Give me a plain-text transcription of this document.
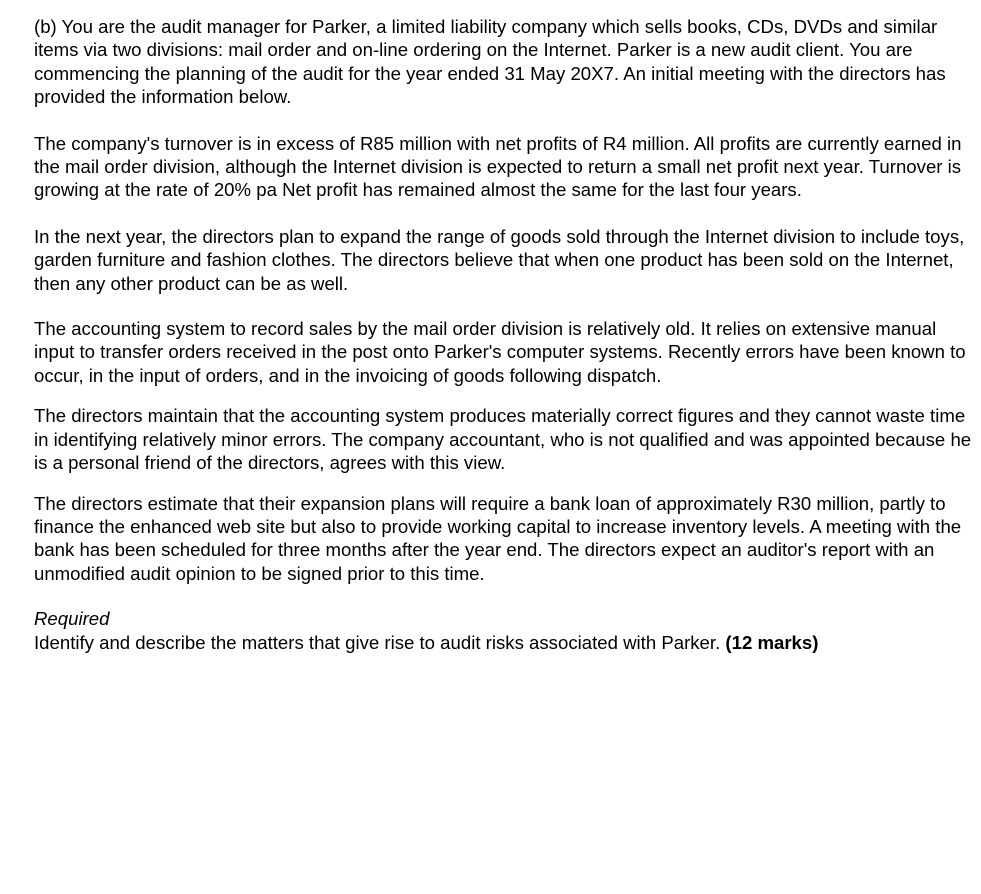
(b) You are the audit manager for Parker, a limited liability company which sells books, CDs, DVDs and similar items via two divisions: mail order and on-line ordering on the Internet. Parker is a new audit client. You are commencing the planning of the audit for the year ended 31 May 20X7. An initial meeting with the directors has provided the information below.

The company's turnover is in excess of R85 million with net profits of R4 million. All profits are currently earned in the mail order division, although the Internet division is expected to return a small net profit next year. Turnover is growing at the rate of 20% pa Net profit has remained almost the same for the last four years.

In the next year, the directors plan to expand the range of goods sold through the Internet division to include toys, garden furniture and fashion clothes. The directors believe that when one product has been sold on the Internet, then any other product can be as well.

The accounting system to record sales by the mail order division is relatively old. It relies on extensive manual input to transfer orders received in the post onto Parker's computer systems. Recently errors have been known to occur, in the input of orders, and in the invoicing of goods following dispatch.

The directors maintain that the accounting system produces materially correct figures and they cannot waste time in identifying relatively minor errors. The company accountant, who is not qualified and was appointed because he is a personal friend of the directors, agrees with this view.

The directors estimate that their expansion plans will require a bank loan of approximately R30 million, partly to finance the enhanced web site but also to provide working capital to increase inventory levels. A meeting with the bank has been scheduled for three months after the year end. The directors expect an auditor's report with an unmodified audit opinion to be signed prior to this time.

Required

Identify and describe the matters that give rise to audit risks associated with Parker. (12 marks)
